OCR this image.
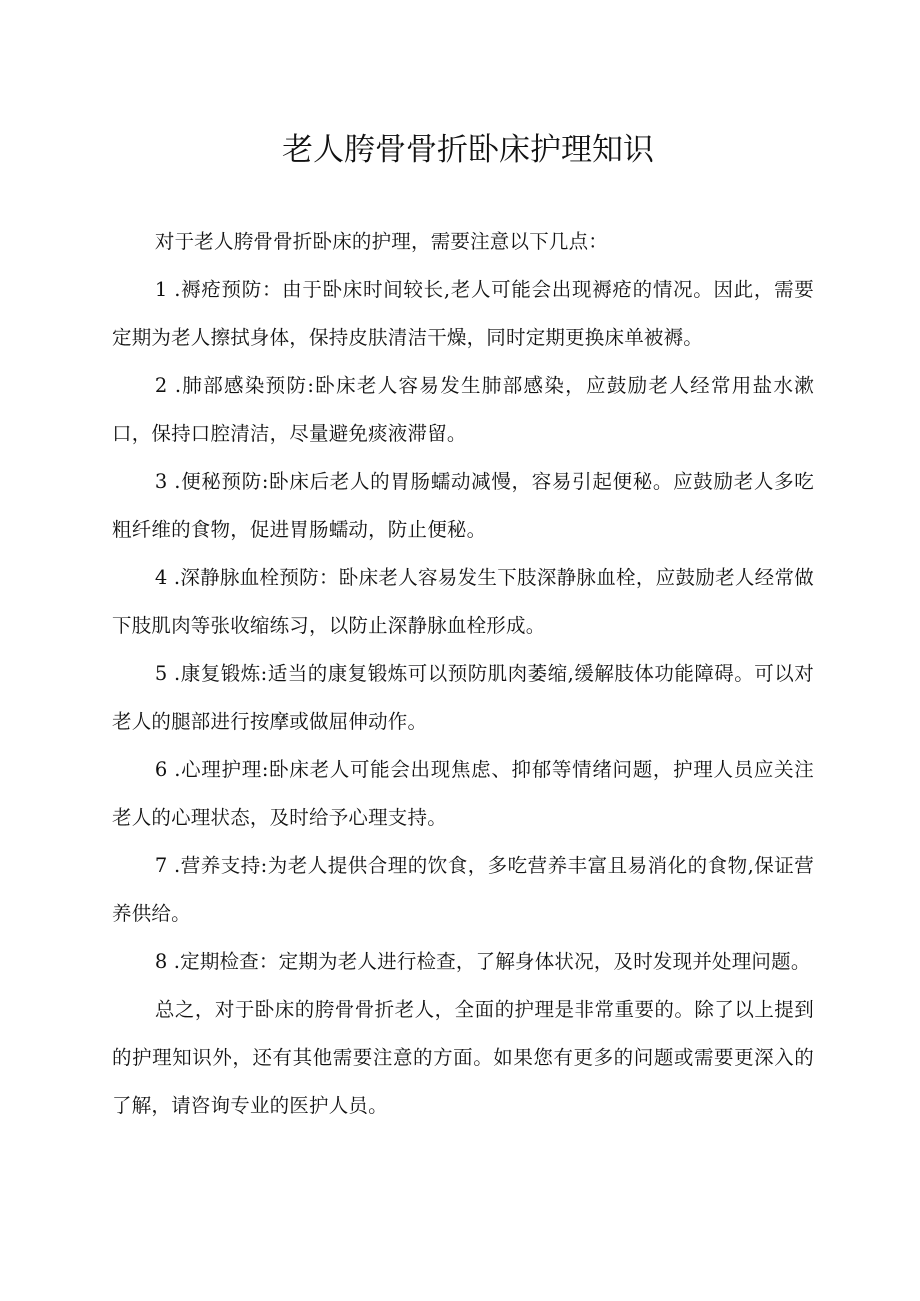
老人胯骨骨折卧床护理知识

对于老人胯骨骨折卧床的护理，需要注意以下几点：

1 .褥疮预防：由于卧床时间较长,老人可能会出现褥疮的情况。因此，需要定期为老人擦拭身体，保持皮肤清洁干燥，同时定期更换床单被褥。

2 .肺部感染预防:卧床老人容易发生肺部感染，应鼓励老人经常用盐水漱口，保持口腔清洁，尽量避免痰液滞留。

3 .便秘预防:卧床后老人的胃肠蠕动减慢，容易引起便秘。应鼓励老人多吃粗纤维的食物，促进胃肠蠕动，防止便秘。

4 .深静脉血栓预防：卧床老人容易发生下肢深静脉血栓，应鼓励老人经常做下肢肌肉等张收缩练习，以防止深静脉血栓形成。

5 .康复锻炼:适当的康复锻炼可以预防肌肉萎缩,缓解肢体功能障碍。可以对老人的腿部进行按摩或做屈伸动作。

6 .心理护理:卧床老人可能会出现焦虑、抑郁等情绪问题，护理人员应关注老人的心理状态，及时给予心理支持。

7 .营养支持:为老人提供合理的饮食，多吃营养丰富且易消化的食物,保证营养供给。

8 .定期检查：定期为老人进行检查，了解身体状况，及时发现并处理问题。

总之，对于卧床的胯骨骨折老人，全面的护理是非常重要的。除了以上提到的护理知识外，还有其他需要注意的方面。如果您有更多的问题或需要更深入的了解，请咨询专业的医护人员。
